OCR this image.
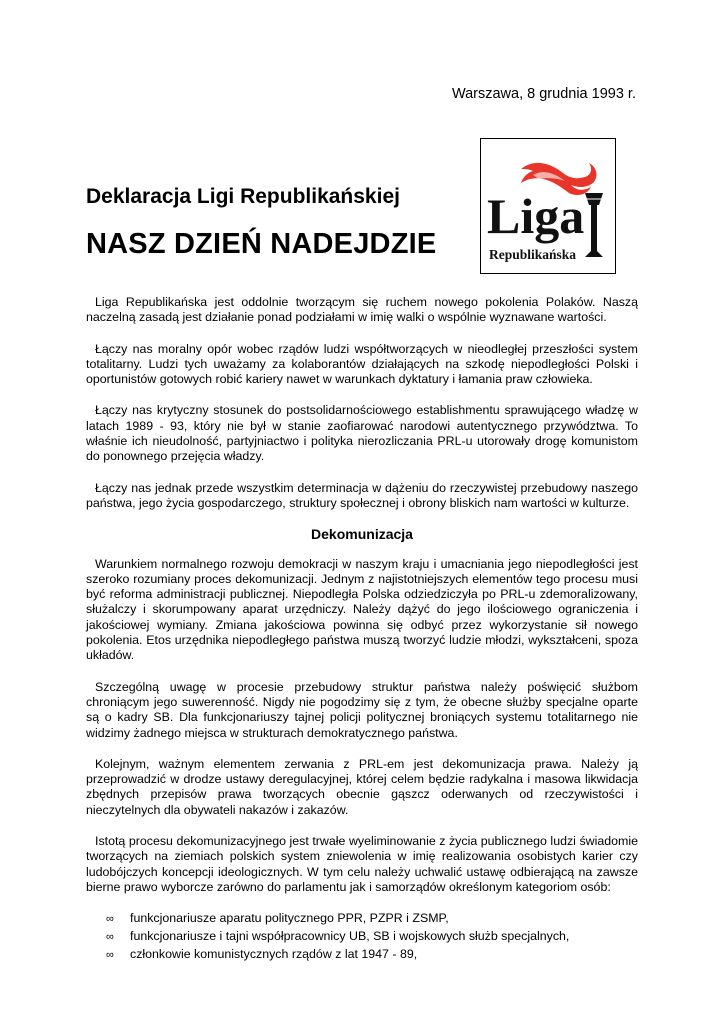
Warszawa, 8 grudnia 1993 r.
Liga
Republikańska
Deklaracja Ligi Republikańskiej
NASZ DZIEŃ NADEJDZIE

Liga Republikańska jest oddolnie tworzącym się ruchem nowego pokolenia Polaków. Naszą naczelną zasadą jest działanie ponad podziałami w imię walki o wspólnie wyznawane wartości.

Łączy nas moralny opór wobec rządów ludzi współtworzących w nieodległej przeszłości system totalitarny. Ludzi tych uważamy za kolaborantów działających na szkodę niepodległości Polski i oportunistów gotowych robić kariery nawet w warunkach dyktatury i łamania praw człowieka.

Łączy nas krytyczny stosunek do postsolidarnościowego establishmentu sprawującego władzę w latach 1989 - 93, który nie był w stanie zaofiarować narodowi autentycznego przywództwa. To właśnie ich nieudolność, partyjniactwo i polityka nierozliczania PRL-u utorowały drogę komunistom do ponownego przejęcia władzy.

Łączy nas jednak przede wszystkim determinacja w dążeniu do rzeczywistej przebudowy naszego państwa, jego życia gospodarczego, struktury społecznej i obrony bliskich nam wartości w kulturze.

Dekomunizacja

Warunkiem normalnego rozwoju demokracji w naszym kraju i umacniania jego niepodległości jest szeroko rozumiany proces dekomunizacji. Jednym z najistotniejszych elementów tego procesu musi być reforma administracji publicznej. Niepodległa Polska odziedziczyła po PRL-u zdemoralizowany, służalczy i skorumpowany aparat urzędniczy. Należy dążyć do jego ilościowego ograniczenia i jakościowej wymiany. Zmiana jakościowa powinna się odbyć przez wykorzystanie sił nowego pokolenia. Etos urzędnika niepodległego państwa muszą tworzyć ludzie młodzi, wykształceni, spoza układów.

Szczególną uwagę w procesie przebudowy struktur państwa należy poświęcić służbom chroniącym jego suwerenność. Nigdy nie pogodzimy się z tym, że obecne służby specjalne oparte są o kadry SB. Dla funkcjonariuszy tajnej policji politycznej broniących systemu totalitarnego nie widzimy żadnego miejsca w strukturach demokratycznego państwa.

Kolejnym, ważnym elementem zerwania z PRL-em jest dekomunizacja prawa. Należy ją przeprowadzić w drodze ustawy deregulacyjnej, której celem będzie radykalna i masowa likwidacja zbędnych przepisów prawa tworzących obecnie gąszcz oderwanych od rzeczywistości i nieczytelnych dla obywateli nakazów i zakazów.

Istotą procesu dekomunizacyjnego jest trwałe wyeliminowanie z życia publicznego ludzi świadomie tworzących na ziemiach polskich system zniewolenia w imię realizowania osobistych karier czy ludobójczych koncepcji ideologicznych. W tym celu należy uchwalić ustawę odbierającą na zawsze bierne prawo wyborcze zarówno do parlamentu jak i samorządów określonym kategoriom osób:

∞ funkcjonariusze aparatu politycznego PPR, PZPR i ZSMP,
∞ funkcjonariusze i tajni współpracownicy UB, SB i wojskowych służb specjalnych,
∞ członkowie komunistycznych rządów z lat 1947 - 89,
